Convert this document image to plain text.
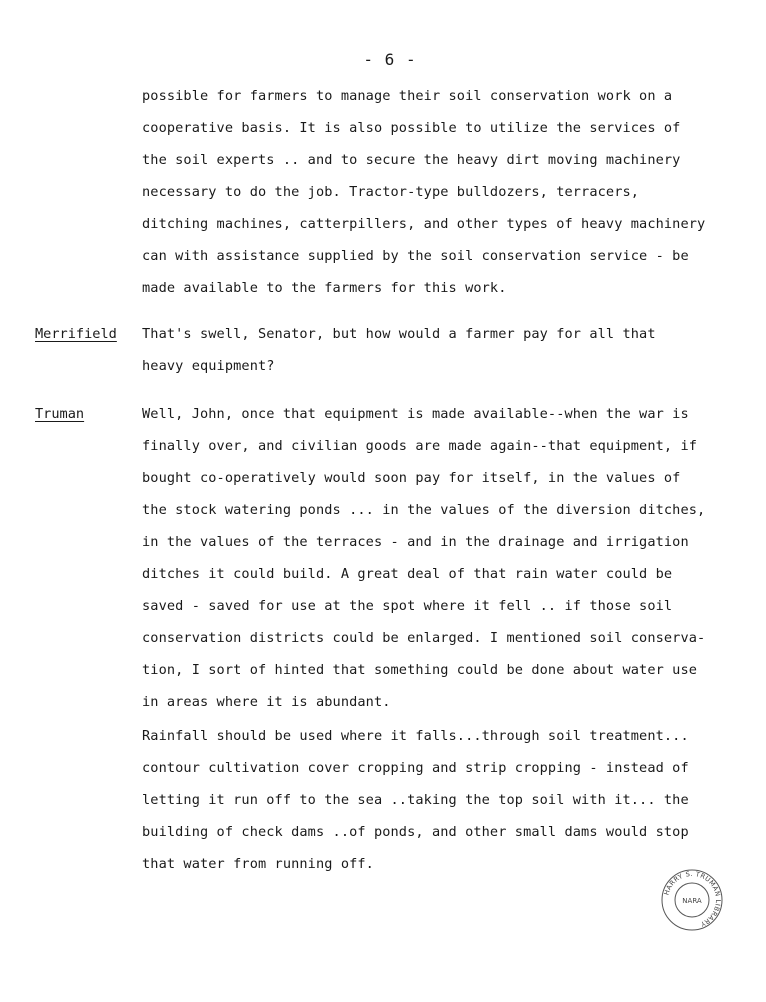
- 6 -
possible for farmers to manage their soil conservation work on a
cooperative basis. It is also possible to utilize the services of
the soil experts .. and to secure the heavy dirt moving machinery
necessary to do the job. Tractor-type bulldozers, terracers,
ditching machines, catterpillers, and other types of heavy machinery
can with assistance supplied by the soil conservation service - be
made available to the farmers for this work.
Merrifield That's swell, Senator, but how would a farmer pay for all that
heavy equipment?
Truman	Well, John, once that equipment is made available--when the war is
finally over, and civilian goods are made again--that equipment, if
bought co-operatively would soon pay for itself, in the values of
the stock watering ponds ... in the values of the diversion ditches,
in the values of the terraces - and in the drainage and irrigation
ditches it could build. A great deal of that rain water could be
saved - saved for use at the spot where it fell .. if those soil
conservation districts could be enlarged. I mentioned soil conserva-
tion, I sort of hinted that something could be done about water use
in areas where it is abundant.
Rainfall should be used where it falls...through soil treatment...
contour cultivation cover cropping and strip cropping - instead of
letting it run off to the sea ..taking the top soil with it... the
building of check dams ..of ponds, and other small dams would stop
that water from running off.
HARRY S. TRUMAN LIBRARY
NARA
